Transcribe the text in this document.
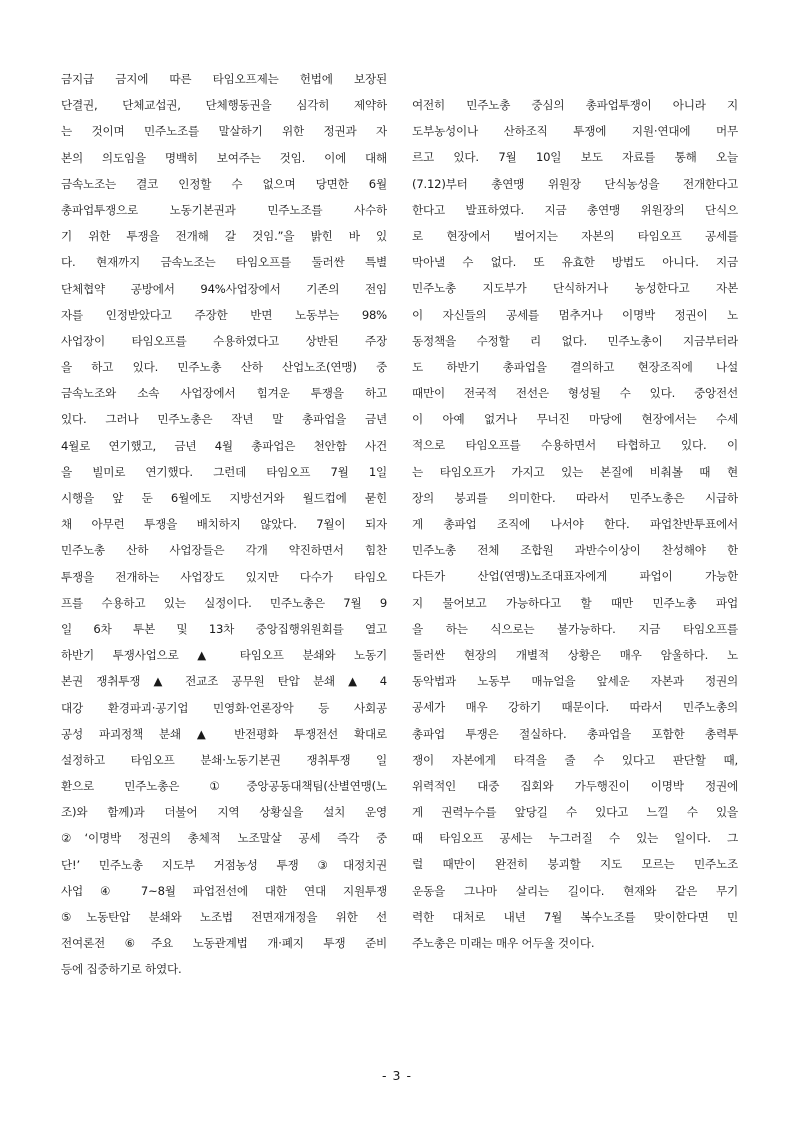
금지급 금지에 따른 타임오프제는 헌법에 보장된
단결권, 단체교섭권, 단체행동권을 심각히 제약하
는 것이며 민주노조를 말살하기 위한 정권과 자
본의 의도임을 명백히 보여주는 것임. 이에 대해
금속노조는 결코 인정할 수 없으며 당면한 6월
총파업투쟁으로 노동기본권과 민주노조를 사수하
기 위한 투쟁을 전개해 갈 것임.”을 밝힌 바 있
다. 현재까지 금속노조는 타임오프를 둘러싼 특별
단체협약 공방에서 94%사업장에서 기존의 전임
자를 인정받았다고 주장한 반면 노동부는 98%
사업장이 타임오프를 수용하였다고 상반된 주장
을 하고 있다. 민주노총 산하 산업노조(연맹) 중
금속노조와 소속 사업장에서 힘겨운 투쟁을 하고
있다. 그러나 민주노총은 작년 말 총파업을 금년
4월로 연기했고, 금년 4월 총파업은 천안함 사건
을 빌미로 연기했다. 그런데 타임오프 7월 1일
시행을 앞 둔 6월에도 지방선거와 월드컵에 묻힌
채 아무런 투쟁을 배치하지 않았다. 7월이 되자
민주노총 산하 사업장들은 각개 약진하면서 힘찬
투쟁을 전개하는 사업장도 있지만 다수가 타임오
프를 수용하고 있는 실정이다. 민주노총은 7월 9
일 6차 투본 및 13차 중앙집행위원회를 열고
하반기 투쟁사업으로 ▲ 타임오프 분쇄와 노동기
본권 쟁취투쟁 ▲ 전교조 공무원 탄압 분쇄 ▲ 4
대강 환경파괴·공기업 민영화·언론장악 등 사회공
공성 파괴정책 분쇄 ▲ 반전평화 투쟁전선 확대로
설정하고 타임오프 분쇄·노동기본권 쟁취투쟁 일
환으로 민주노총은 ①중앙공동대책팀(산별연맹(노
조)와 함께)과 더불어 지역 상황실을 설치 운영
②‘이명박 정권의 총체적 노조말살 공세 즉각 중
단!’ 민주노총 지도부 거점농성 투쟁 ③대정치권
사업 ④ 7~8월 파업전선에 대한 연대 지원투쟁
⑤노동탄압 분쇄와 노조법 전면재개정을 위한 선
전여론전 ⑥주요 노동관계법 개·폐지 투쟁 준비
등에 집중하기로 하였다.
여전히 민주노총 중심의 총파업투쟁이 아니라 지
도부농성이나 산하조직 투쟁에 지원·연대에 머무
르고 있다. 7월 10일 보도 자료를 통해 오늘
(7.12)부터 총연맹 위원장 단식농성을 전개한다고
한다고 발표하였다. 지금 총연맹 위원장의 단식으
로 현장에서 벌어지는 자본의 타임오프 공세를
막아낼 수 없다. 또 유효한 방법도 아니다. 지금
민주노총 지도부가 단식하거나 농성한다고 자본
이 자신들의 공세를 멈추거나 이명박 정권이 노
동정책을 수정할 리 없다. 민주노총이 지금부터라
도 하반기 총파업을 결의하고 현장조직에 나설
때만이 전국적 전선은 형성될 수 있다. 중앙전선
이 아예 없거나 무너진 마당에 현장에서는 수세
적으로 타임오프를 수용하면서 타협하고 있다. 이
는 타임오프가 가지고 있는 본질에 비춰볼 때 현
장의 붕괴를 의미한다. 따라서 민주노총은 시급하
게 총파업 조직에 나서야 한다. 파업찬반투표에서
민주노총 전체 조합원 과반수이상이 찬성해야 한
다든가 산업(연맹)노조대표자에게 파업이 가능한
지 물어보고 가능하다고 할 때만 민주노총 파업
을 하는 식으로는 불가능하다. 지금 타임오프를
둘러싼 현장의 개별적 상황은 매우 암울하다. 노
동악법과 노동부 매뉴얼을 앞세운 자본과 정권의
공세가 매우 강하기 때문이다. 따라서 민주노총의
총파업 투쟁은 절실하다. 총파업을 포함한 총력투
쟁이 자본에게 타격을 줄 수 있다고 판단할 때,
위력적인 대중 집회와 가두행진이 이명박 정권에
게 권력누수를 앞당길 수 있다고 느낄 수 있을
때 타임오프 공세는 누그러질 수 있는 일이다. 그
럴 때만이 완전히 붕괴할 지도 모르는 민주노조
운동을 그나마 살리는 길이다. 현재와 같은 무기
력한 대처로 내년 7월 복수노조를 맞이한다면 민
주노총은 미래는 매우 어두울 것이다.
- 3 -
